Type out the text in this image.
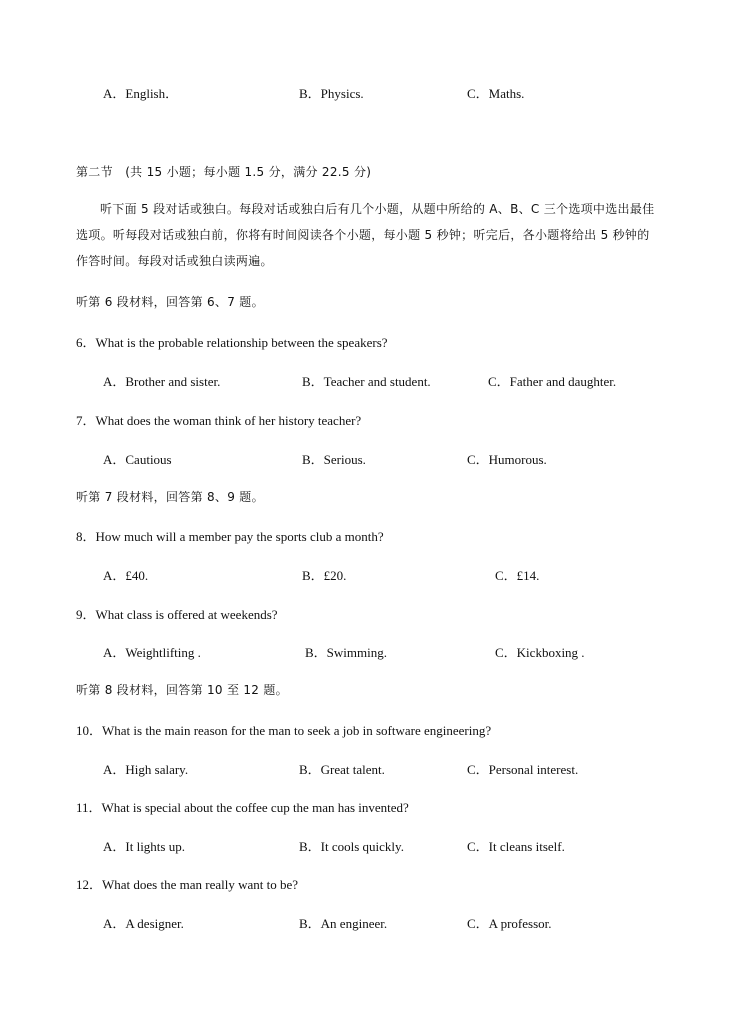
A．English．	B．Physics.	C．Maths.
第二节　(共 15 小题；每小题 1.5 分，满分 22.5 分)
听下面 5 段对话或独白。每段对话或独白后有几个小题，从题中所给的 A、B、C 三个选项中选出最佳选项。听每段对话或独白前，你将有时间阅读各个小题，每小题 5 秒钟；听完后，各小题将给出 5 秒钟的作答时间。每段对话或独白读两遍。
听第 6 段材料，回答第 6、7 题。
6．What is the probable relationship between the speakers?
A．Brother and sister.	B．Teacher and student.	C．Father and daughter.
7．What does the woman think of her history teacher?
A．Cautious	B．Serious.	C．Humorous.
听第 7 段材料，回答第 8、9 题。
8．How much will a member pay the sports club a month?
A．£40.	B．£20.	C．£14.
9．What class is offered at weekends?
A．Weightlifting .	B．Swimming.	C．Kickboxing .
听第 8 段材料，回答第 10 至 12 题。
10．What is the main reason for the man to seek a job in software engineering?
A．High salary.	B．Great talent.	C．Personal interest.
11．What is special about the coffee cup the man has invented?
A．It lights up.	B．It cools quickly.	C．It cleans itself.
12．What does the man really want to be?
A．A designer.	B．An engineer.	C．A professor.
